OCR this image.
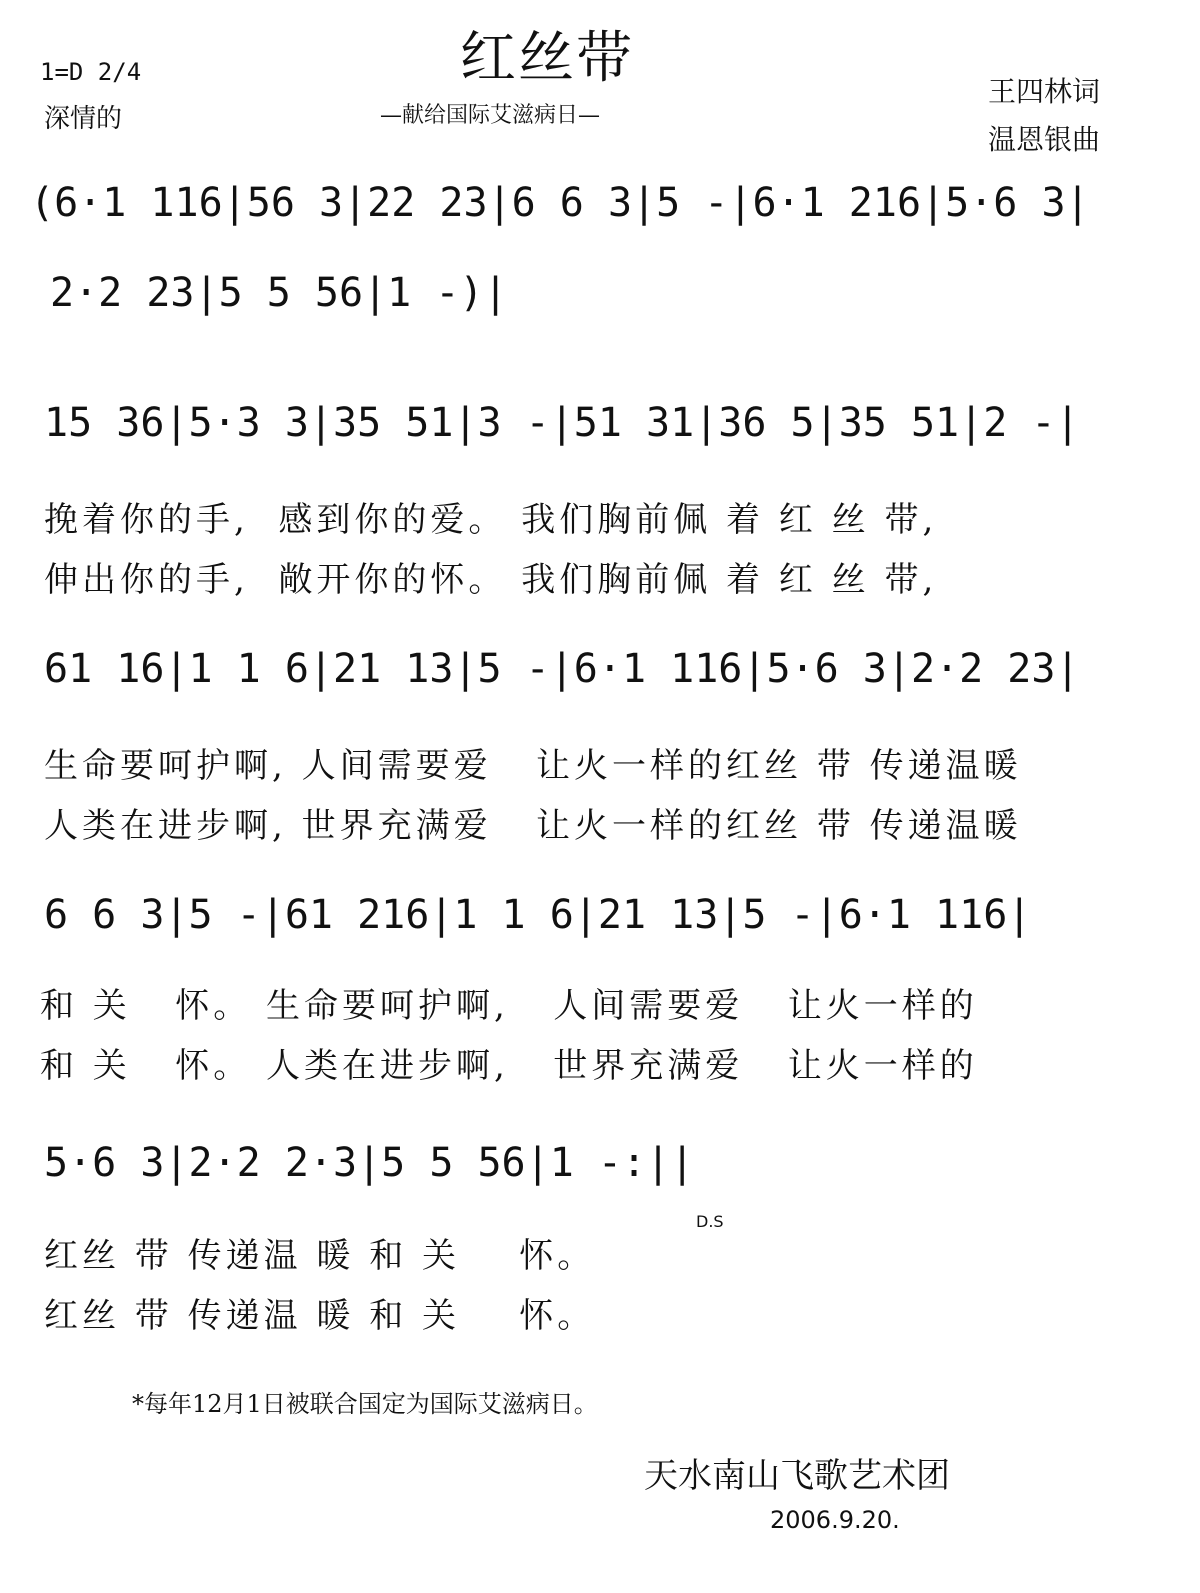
红丝带
—献给国际艾滋病日—
1=D 2/4
深情的
王四林词
温恩银曲
(6·1 116|56 3|22 23|6 6 3|5 -|6·1 216|5·6 3|
2·2 23|5 5 56|1 -)|
15 36|5·3 3|35 51|3 -|51 31|36 5|35 51|2 -|
挽着你的手,  感到你的爱。 我们胸前佩 着 红 丝 带,
伸出你的手,  敞开你的怀。 我们胸前佩 着 红 丝 带,
61 16|1 1 6|21 13|5 -|6·1 116|5·6 3|2·2 23|
生命要呵护啊, 人间需要爱   让火一样的红丝 带 传递温暖
人类在进步啊, 世界充满爱   让火一样的红丝 带 传递温暖
6 6 3|5 -|61 216|1 1 6|21 13|5 -|6·1 116|
和 关   怀。 生命要呵护啊,   人间需要爱   让火一样的
和 关   怀。 人类在进步啊,   世界充满爱   让火一样的
5·6 3|2·2 2·3|5 5 56|1 -:||
D.S
红丝 带 传递温 暖 和 关    怀。
红丝 带 传递温 暖 和 关    怀。
*每年12月1日被联合国定为国际艾滋病日。
天水南山飞歌艺术团
2006.9.20.
